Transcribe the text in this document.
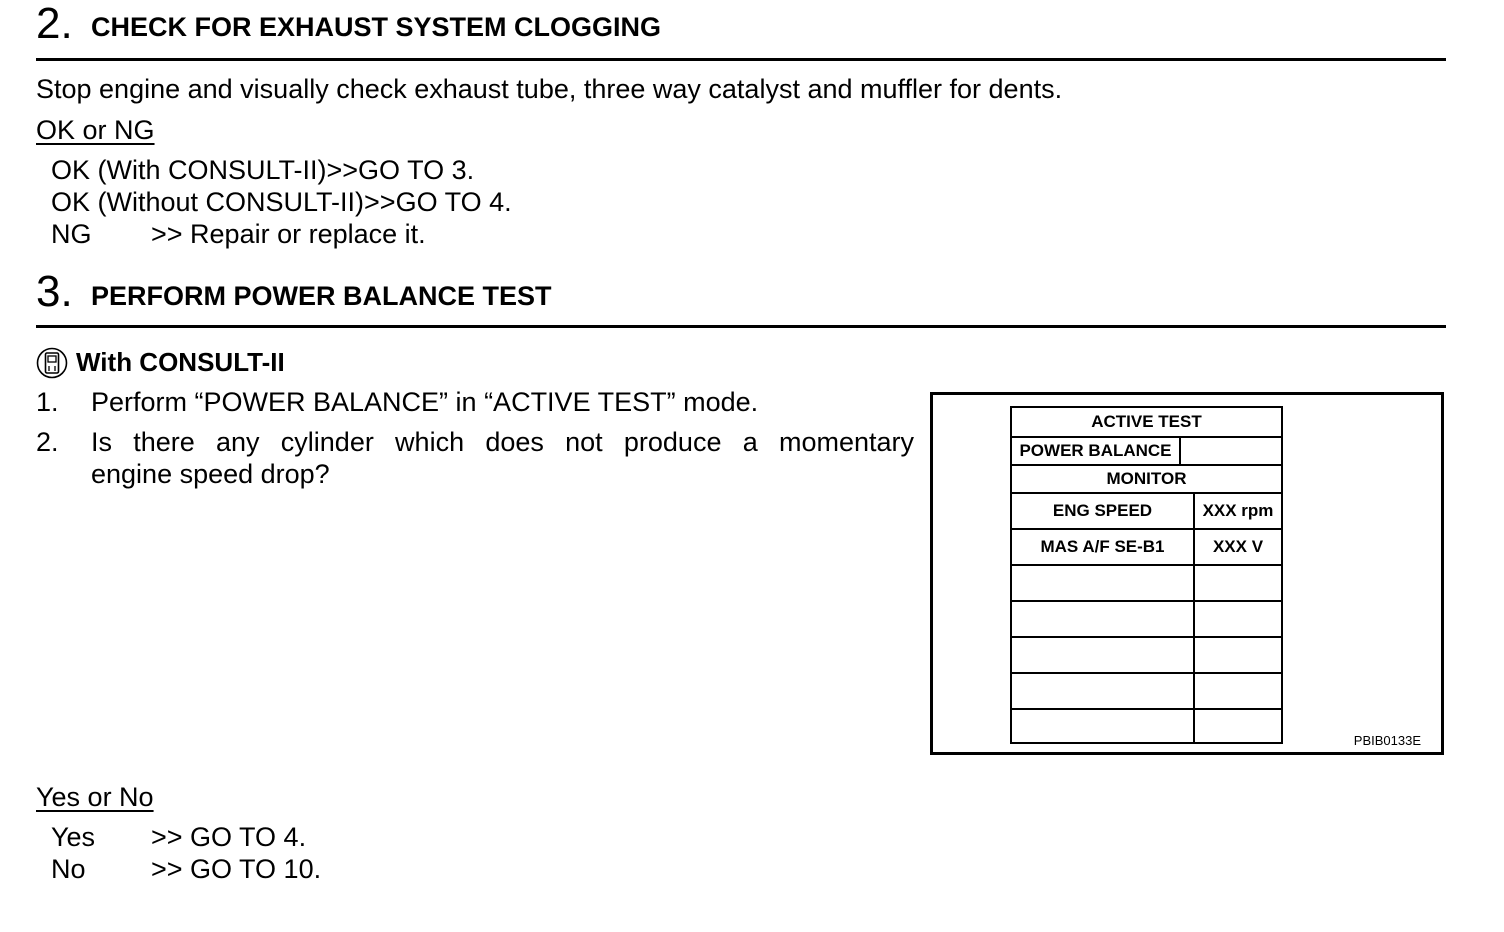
2. CHECK FOR EXHAUST SYSTEM CLOGGING
Stop engine and visually check exhaust tube, three way catalyst and muffler for dents.
OK or NG
OK (With CONSULT-II)>>GO TO 3.
OK (Without CONSULT-II)>>GO TO 4.
NG >> Repair or replace it.
3. PERFORM POWER BALANCE TEST
With CONSULT-II
1. Perform “POWER BALANCE” in “ACTIVE TEST” mode.
2. Is there any cylinder which does not produce a momentary
engine speed drop?
ACTIVE TEST
POWER BALANCE
MONITOR
ENG SPEED	XXX rpm
MAS A/F SE-B1	XXX V
PBIB0133E
Yes or No
Yes >> GO TO 4.
No >> GO TO 10.
